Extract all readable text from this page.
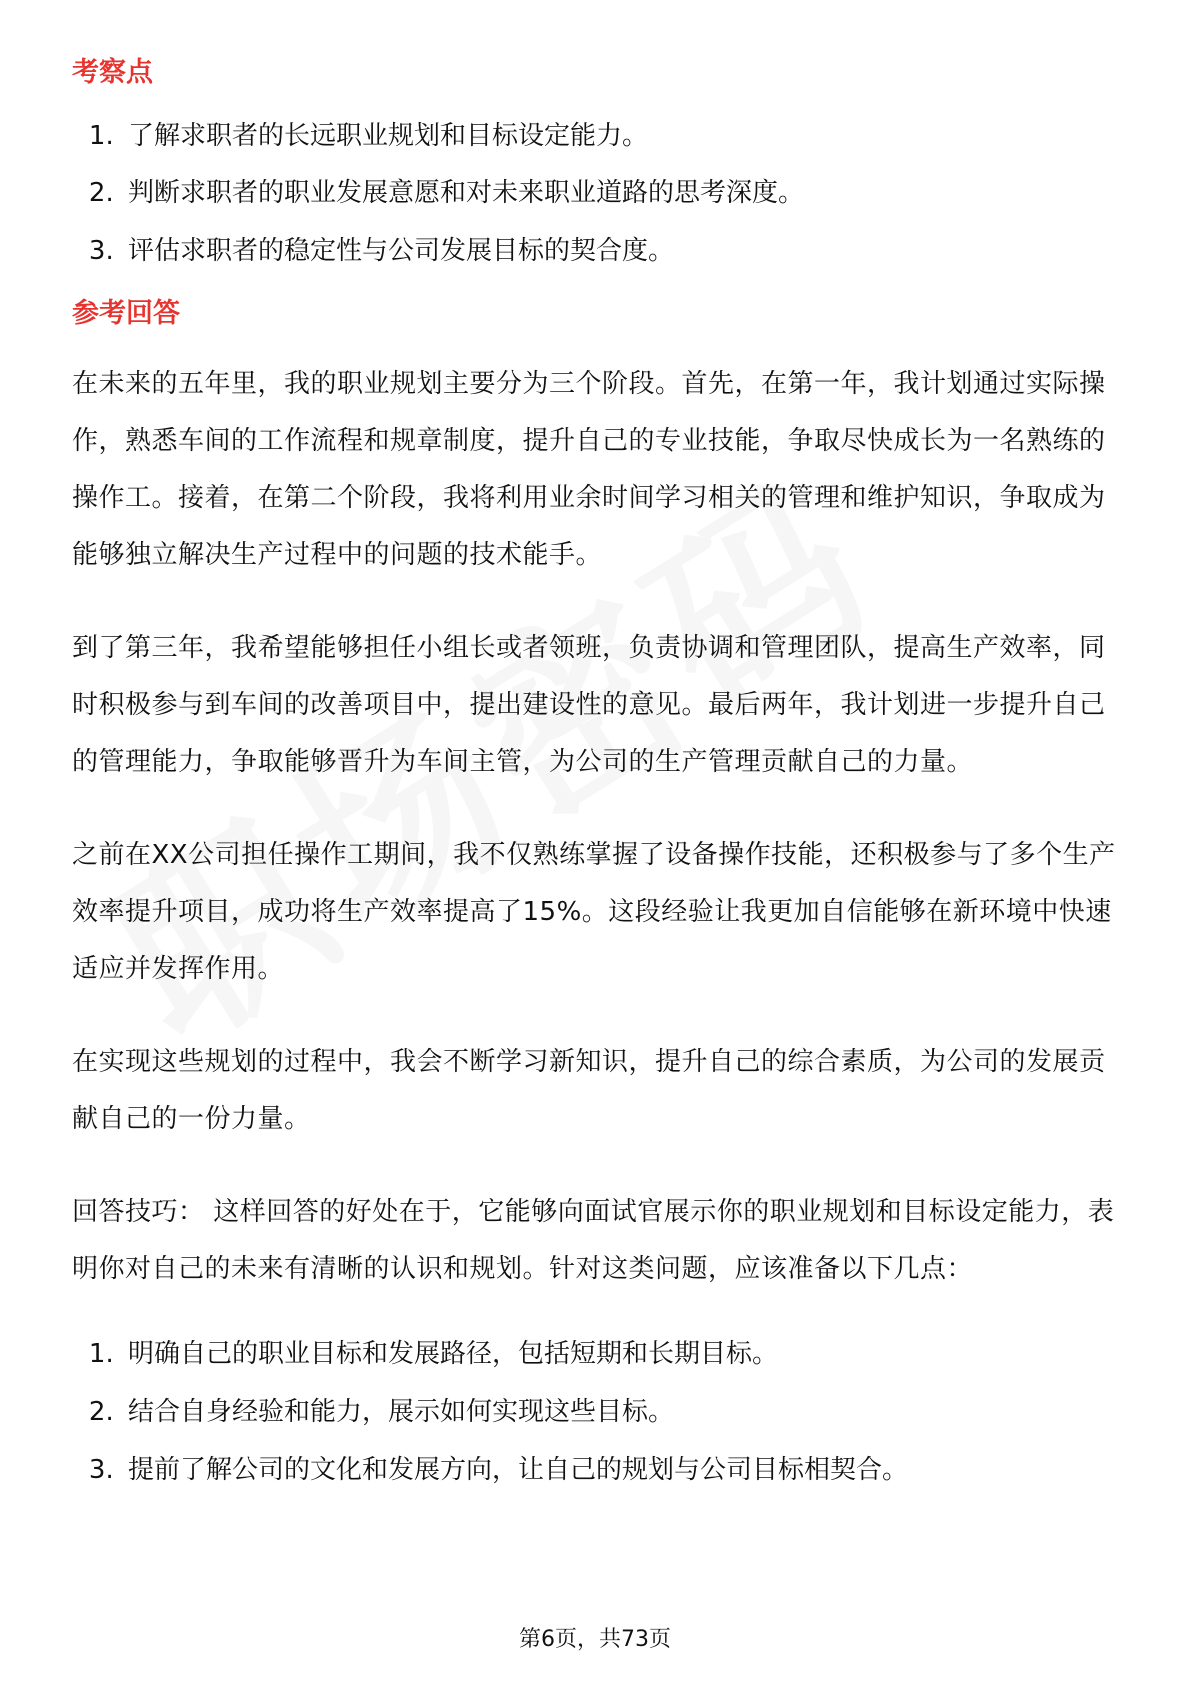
考察点
1. 了解求职者的长远职业规划和目标设定能力。
2. 判断求职者的职业发展意愿和对未来职业道路的思考深度。
3. 评估求职者的稳定性与公司发展目标的契合度。
参考回答

在未来的五年里，我的职业规划主要分为三个阶段。首先，在第一年，我计划通过实际操作，熟悉车间的工作流程和规章制度，提升自己的专业技能，争取尽快成长为一名熟练的操作工。接着，在第二个阶段，我将利用业余时间学习相关的管理和维护知识，争取成为能够独立解决生产过程中的问题的技术能手。

到了第三年，我希望能够担任小组长或者领班，负责协调和管理团队，提高生产效率，同时积极参与到车间的改善项目中，提出建设性的意见。最后两年，我计划进一步提升自己的管理能力，争取能够晋升为车间主管，为公司的生产管理贡献自己的力量。

之前在XX公司担任操作工期间，我不仅熟练掌握了设备操作技能，还积极参与了多个生产效率提升项目，成功将生产效率提高了15%。这段经验让我更加自信能够在新环境中快速适应并发挥作用。

在实现这些规划的过程中，我会不断学习新知识，提升自己的综合素质，为公司的发展贡献自己的一份力量。

回答技巧： 这样回答的好处在于，它能够向面试官展示你的职业规划和目标设定能力，表明你对自己的未来有清晰的认识和规划。针对这类问题，应该准备以下几点：

1. 明确自己的职业目标和发展路径，包括短期和长期目标。
2. 结合自身经验和能力，展示如何实现这些目标。
3. 提前了解公司的文化和发展方向，让自己的规划与公司目标相契合。
第6页，共73页
